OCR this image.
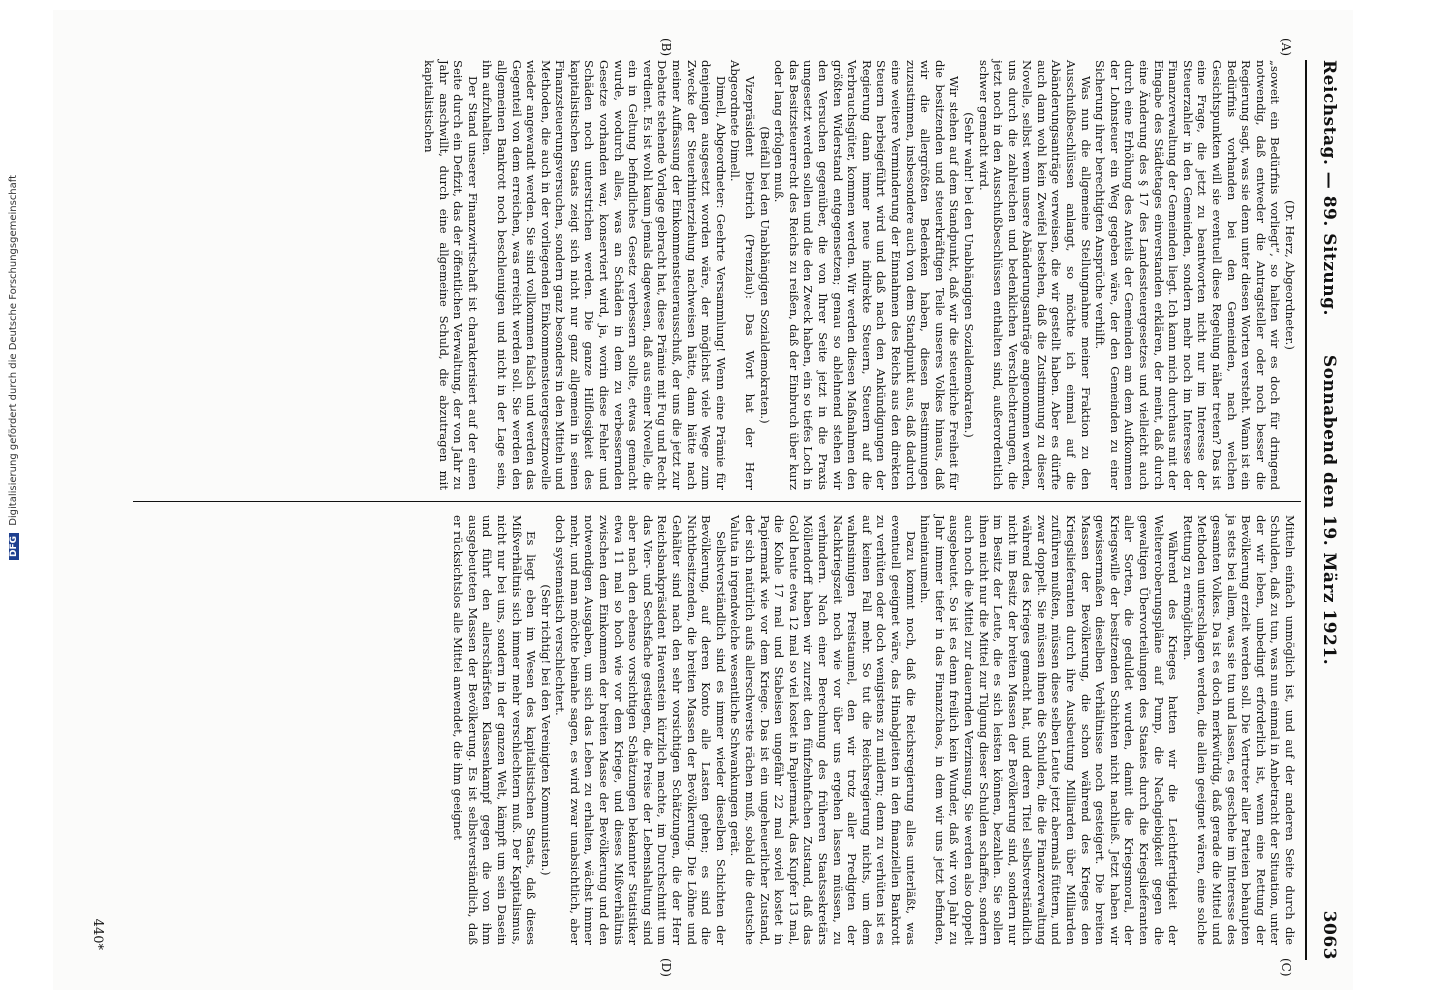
DFG Digitalisierung gefördert durch die Deutsche Forschungsgemeinschaft	Reichstag. — 89. Sitzung.
Sonnabend den 19. März 1921.
3063
(A)
(B)
(C)
(D)

(Dr. Herz, Abgeordneter.)

„soweit ein Bedürfnis vorliegt“, so halten wir es doch für dringend notwendig, daß entweder die Antragsteller oder noch besser die Regierung sagt, was sie denn unter diesen Worten versteht. Wann ist ein Bedürfnis vorhanden bei den Gemeinden, nach welchen Gesichtspunkten will sie eventuell diese Regelung näher treten? Das ist eine Frage, die jetzt zu beantworten nicht nur im Interesse der Steuerzahler in den Gemeinden, sondern mehr noch im Interesse der Finanzverwaltung der Gemeinden liegt. Ich kann mich durchaus mit der Eingabe des Städtetages einverstanden erklären, der meint, daß durch eine Änderung des § 17 des Landessteuergesetzes und vielleicht auch durch eine Erhöhung des Anteils der Gemeinden am dem Aufkommen der Lohnsteuer ein Weg gegeben wäre, der den Gemeinden zu einer Sicherung ihrer berechtigten Ansprüche verhilft.

Was nun die allgemeine Stellungnahme meiner Fraktion zu den Ausschußbeschlüssen anlangt, so möchte ich einmal auf die Abänderungsanträge verweisen, die wir gestellt haben. Aber es dürfte auch dann wohl kein Zweifel bestehen, daß die Zustimmung zu dieser Novelle, selbst wenn unsere Abänderungsanträge angenommen werden, uns durch die zahlreichen und bedenklichen Verschlechterungen, die jetzt noch in den Ausschußbeschlüssen enthalten sind, außerordentlich schwer gemacht wird.

(Sehr wahr! bei den Unabhängigen Sozialdemokraten.)

Wir stehen auf dem Standpunkt, daß wir die steuerliche Freiheit für die besitzenden und steuerkräftigen Teile unseres Volkes hinaus, daß wir die allergrößten Bedenken haben, diesen Bestimmungen zuzustimmen, insbesondere auch von dem Standpunkt aus, daß dadurch eine weitere Verminderung der Einnahmen des Reichs aus den direkten Steuern herbeigeführt wird und daß nach den Ankündigungen der Regierung dann immer neue indirekte Steuern, Steuern auf die Verbrauchsgüter, kommen werden. Wir werden diesen Maßnahmen den größten Widerstand entgegensetzen; genau so ablehnend stehen wir den Versuchen gegenüber, die von Ihrer Seite jetzt in die Praxis umgesetzt werden sollen und die den Zweck haben, ein so tiefes Loch in das Besitzsteuerrecht des Reichs zu reißen, daß der Einbruch über kurz oder lang erfolgen muß.

(Beifall bei den Unabhängigen Sozialdemokraten.)

Vizepräsident Dietrich (Prenzlau): Das Wort hat der Herr Abgeordnete Dimell.

Dimell, Abgeordneter: Geehrte Versammlung! Wenn eine Prämie für denjenigen ausgesetzt worden wäre, der möglichst viele Wege zum Zwecke der Steuerhinterziehung nachweisen hätte, dann hätte nach meiner Auffassung der Einkommensteuerausschuß, der uns die jetzt zur Debatte stehende Vorlage gebracht hat, diese Prämie mit Fug und Recht verdient. Es ist wohl kaum jemals dagewesen, daß aus einer Novelle, die ein in Geltung befindliches Gesetz verbessern sollte, etwas gemacht wurde, wodurch alles, was an Schäden in dem zu verbessernden Gesetze vorhanden war, konserviert wird, ja, worin diese Fehler und Schäden noch unterstrichen werden. Die ganze Hilflosigkeit des kapitalistischen Staats zeigt sich nicht nur ganz allgemein in seinen Finanzsteuerungsversuchen, sondern ganz besonders in den Mitteln und Methoden, die auch in der vorliegenden Einkommensteuergesetznovelle wieder angewandt werden. Sie sind vollkommen falsch und werden das Gegenteil von dem erreichen, was erreicht werden soll. Sie werden den allgemeinen Bankrott noch beschleunigen und nicht in der Lage sein, ihn aufzuhalten.

Der Stand unserer Finanzwirtschaft ist charakterisiert auf der einen Seite durch ein Defizit, das der öffentlichen Verwaltung, der von Jahr zu Jahr anschwillt, durch eine allgemeine Schuld, die abzutragen mit kapitalistischen

Mitteln einfach unmöglich ist, und auf der anderen Seite durch die Schulden, daß zu tun, was nun einmal in Anbetracht der Situation, unter der wir leben, unbedingt erforderlich ist, wenn eine Rettung der Bevölkerung erzielt werden soll. Die Vertreter aller Parteien behaupten ja stets bei allem, was sie tun und lassen, es geschehe im Interesse des gesamten Volkes. Da ist es doch merkwürdig, daß gerade die Mittel und Methoden unterschlagen werden, die allein geeignet wären, eine solche Rettung zu ermöglichen.

Während des Krieges hatten wir die Leichtfertigkeit der Weltereroberungspläne auf Pump, die Nachgiebigkeit gegen die gewaltigen Übervorteilungen des Staates durch die Kriegslieferanten aller Sorten, die geduldet wurden, damit die Kriegsmoral, der Kriegswille der besitzenden Schichten nicht nachließ. Jetzt haben wir gewissermaßen dieselben Verhältnisse noch gesteigert. Die breiten Massen der Bevölkerung, die schon während des Krieges den Kriegslieferanten durch ihre Ausbeutung Milliarden über Milliarden zuführen mußten, müssen diese selben Leute jetzt abermals füttern, und zwar doppelt. Sie müssen ihnen die Schulden, die die Finanzverwaltung während des Krieges gemacht hat, und deren Titel selbstverständlich nicht im Besitz der breiten Massen der Bevölkerung sind, sondern nur im Besitz der Leute, die es sich leisten können, bezahlen. Sie sollen ihnen nicht nur die Mittel zur Tilgung dieser Schulden schaffen, sondern auch noch die Mittel zur dauernden Verzinsung. Sie werden also doppelt ausgebeutet. So ist es denn freilich kein Wunder, daß wir von Jahr zu Jahr immer tiefer in das Finanzchaos, in dem wir uns jetzt befinden, hineintaumeln.

Dazu kommt noch, daß die Reichsregierung alles unterläßt, was eventuell geeignet wäre, das Hinabgleiten in den finanziellen Bankrott zu verhüten oder doch wenigstens zu mildern; denn zu verhüten ist es auf keinen Fall mehr. So tut die Reichsregierung nichts, um dem wahnsinnigen Preistaumel, den wir trotz aller Predigten der Nachkriegszeit noch wie vor über uns ergehen lassen müssen, zu verhindern. Nach einer Berechnung des früheren Staatssekretärs Möllendorff haben wir zurzeit den fünfzehnfachen Zustand, daß das Gold heute etwa 12 mal so viel kostet in Papiermark, das Kupfer 13 mal, die Kohle 17 mal und Stabeisen ungefähr 22 mal soviel kostet in Papiermark wie vor dem Kriege. Das ist ein ungeheuerlicher Zustand, der sich natürlich aufs allerschwerste rächen muß, sobald die deutsche Valuta in irgendwelche wesentliche Schwankungen gerät.

Selbstverständlich sind es immer wieder dieselben Schichten der Bevölkerung, auf deren Konto alle Lasten gehen; es sind die Nichtbesitzenden, die breiten Massen der Bevölkerung. Die Löhne und Gehälter sind nach den sehr vorsichtigen Schätzungen, die der Herr Reichsbankpräsident Havenstein kürzlich machte, im Durchschnitt um das Vier- und Sechsfache gestiegen, die Preise der Lebenshaltung sind aber nach den ebenso vorsichtigen Schätzungen bekannter Statistiker etwa 11 mal so hoch wie vor dem Kriege, und dieses Mißverhältnis zwischen dem Einkommen der breiten Masse der Bevölkerung und den notwendigen Ausgaben, um sich das Leben zu erhalten, wächst immer mehr, und man möchte beinahe sagen, es wird zwar unabsichtlich, aber doch systematisch verschlechtert.

(Sehr richtig! bei den Vereinigten Kommunisten.)

Es liegt eben im Wesen des kapitalistischen Staats, daß dieses Mißverhältnis sich immer mehr verschlechtern muß. Der Kapitalismus, nicht nur bei uns, sondern in der ganzen Welt, kämpft um sein Dasein und führt den allerschärfsten Klassenkampf gegen die von ihm ausgebeuteten Massen der Bevölkerung. Es ist selbstverständlich, daß er rücksichtslos alle Mittel anwendet, die ihm geeignet

440*
